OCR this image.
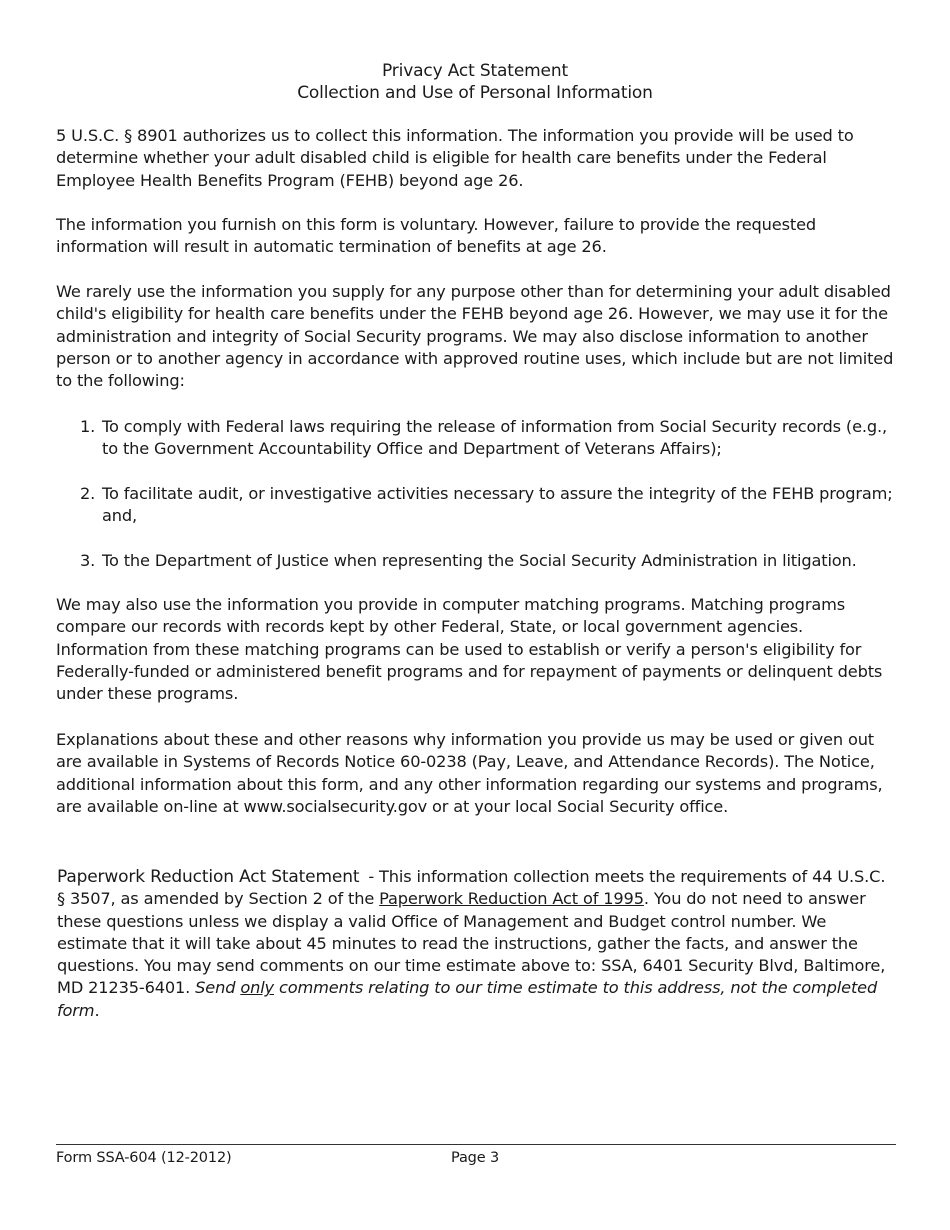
Privacy Act Statement
Collection and Use of Personal Information

5 U.S.C. § 8901 authorizes us to collect this information. The information you provide will be used to determine whether your adult disabled child is eligible for health care benefits under the Federal Employee Health Benefits Program (FEHB) beyond age 26.

The information you furnish on this form is voluntary. However, failure to provide the requested information will result in automatic termination of benefits at age 26.

We rarely use the information you supply for any purpose other than for determining your adult disabled child's eligibility for health care benefits under the FEHB beyond age 26. However, we may use it for the administration and integrity of Social Security programs. We may also disclose information to another person or to another agency in accordance with approved routine uses, which include but are not limited to the following:

1. To comply with Federal laws requiring the release of information from Social Security records (e.g., to the Government Accountability Office and Department of Veterans Affairs);
2. To facilitate audit, or investigative activities necessary to assure the integrity of the FEHB program; and,
3. To the Department of Justice when representing the Social Security Administration in litigation.

We may also use the information you provide in computer matching programs. Matching programs compare our records with records kept by other Federal, State, or local government agencies. Information from these matching programs can be used to establish or verify a person's eligibility for Federally-funded or administered benefit programs and for repayment of payments or delinquent debts under these programs.

Explanations about these and other reasons why information you provide us may be used or given out are available in Systems of Records Notice 60-0238 (Pay, Leave, and Attendance Records). The Notice, additional information about this form, and any other information regarding our systems and programs, are available on-line at www.socialsecurity.gov or at your local Social Security office.

Paperwork Reduction Act Statement - This information collection meets the requirements of 44 U.S.C. § 3507, as amended by Section 2 of the Paperwork Reduction Act of 1995. You do not need to answer these questions unless we display a valid Office of Management and Budget control number. We estimate that it will take about 45 minutes to read the instructions, gather the facts, and answer the questions. You may send comments on our time estimate above to: SSA, 6401 Security Blvd, Baltimore, MD 21235-6401. Send only comments relating to our time estimate to this address, not the completed form.

Form SSA-604 (12-2012)	Page 3
